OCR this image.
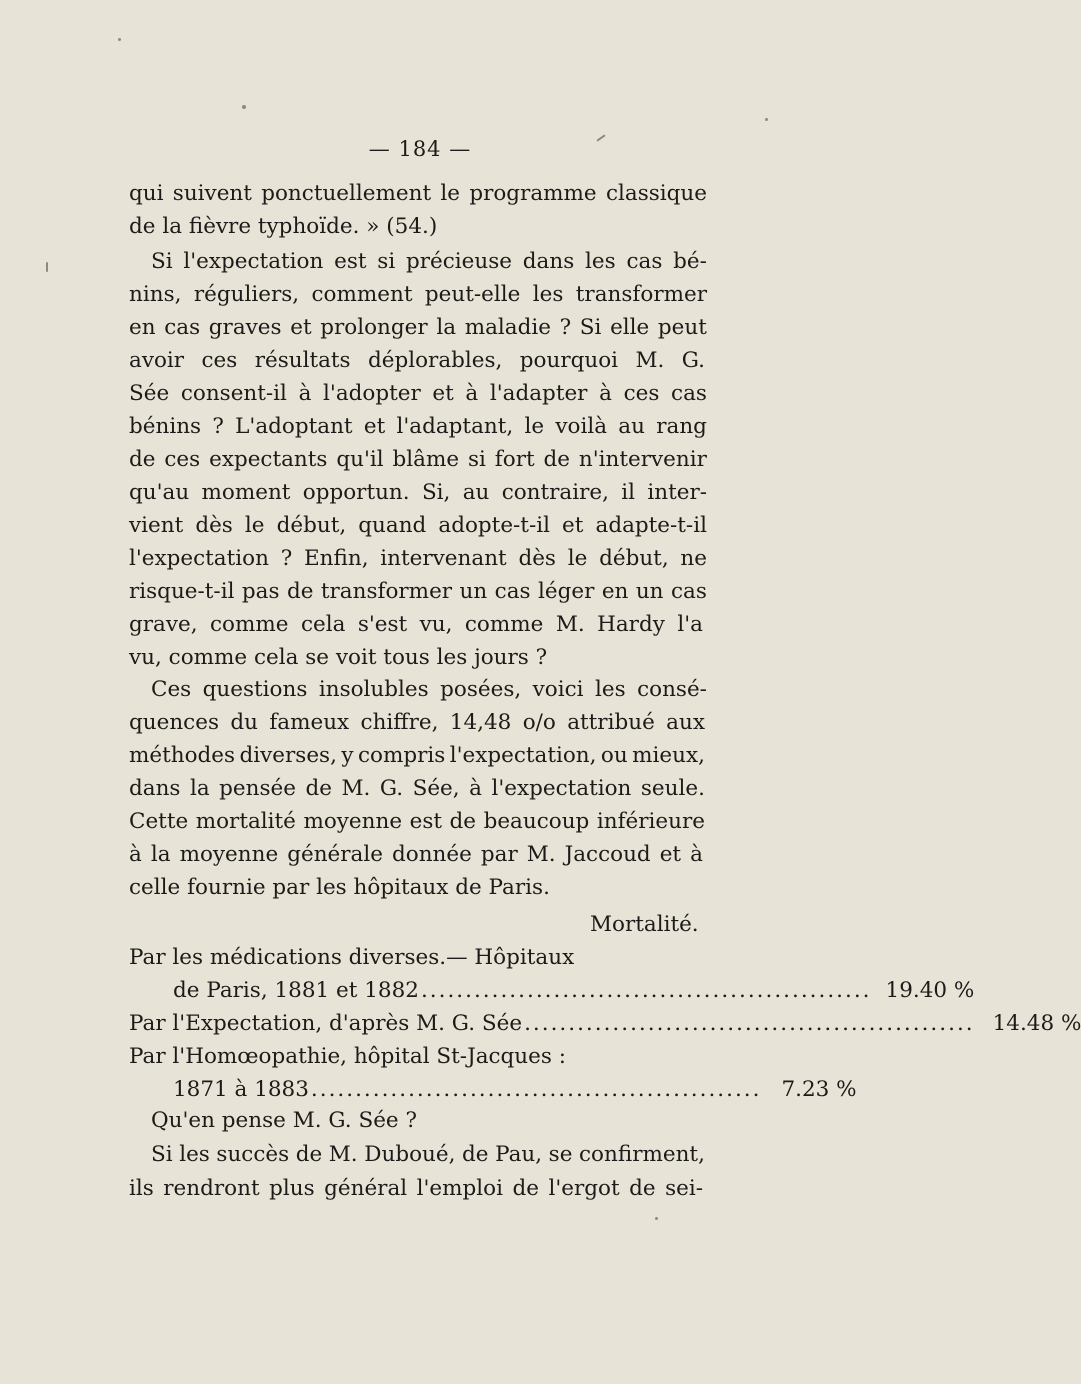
— 184 —
qui suivent ponctuellement le programme classique
de la fièvre typhoïde. » (54.)
Si l'expectation est si précieuse dans les cas bé-
nins, réguliers, comment peut-elle les transformer
en cas graves et prolonger la maladie ? Si elle peut
avoir ces résultats déplorables, pourquoi M. G.
Sée consent-il à l'adopter et à l'adapter à ces cas
bénins ? L'adoptant et l'adaptant, le voilà au rang
de ces expectants qu'il blâme si fort de n'intervenir
qu'au moment opportun. Si, au contraire, il inter-
vient dès le début, quand adopte-t-il et adapte-t-il
l'expectation ? Enfin, intervenant dès le début, ne
risque-t-il pas de transformer un cas léger en un cas
grave, comme cela s'est vu, comme M. Hardy l'a
vu, comme cela se voit tous les jours ?
Ces questions insolubles posées, voici les consé-
quences du fameux chiffre, 14,48 o/o attribué aux
méthodes diverses, y compris l'expectation, ou mieux,
dans la pensée de M. G. Sée, à l'expectation seule.
Cette mortalité moyenne est de beaucoup inférieure
à la moyenne générale donnée par M. Jaccoud et à
celle fournie par les hôpitaux de Paris.
Mortalité.
Par les médications diverses.— Hôpitaux
de Paris, 1881 et 1882 ................................................... 19.40 %
Par l'Expectation, d'après M. G. Sée ................................................... 14.48 %
Par l'Homœopathie, hôpital St-Jacques :
1871 à 1883 ................................................... 7.23 %
Qu'en pense M. G. Sée ?
Si les succès de M. Duboué, de Pau, se confirment,
ils rendront plus général l'emploi de l'ergot de sei-
